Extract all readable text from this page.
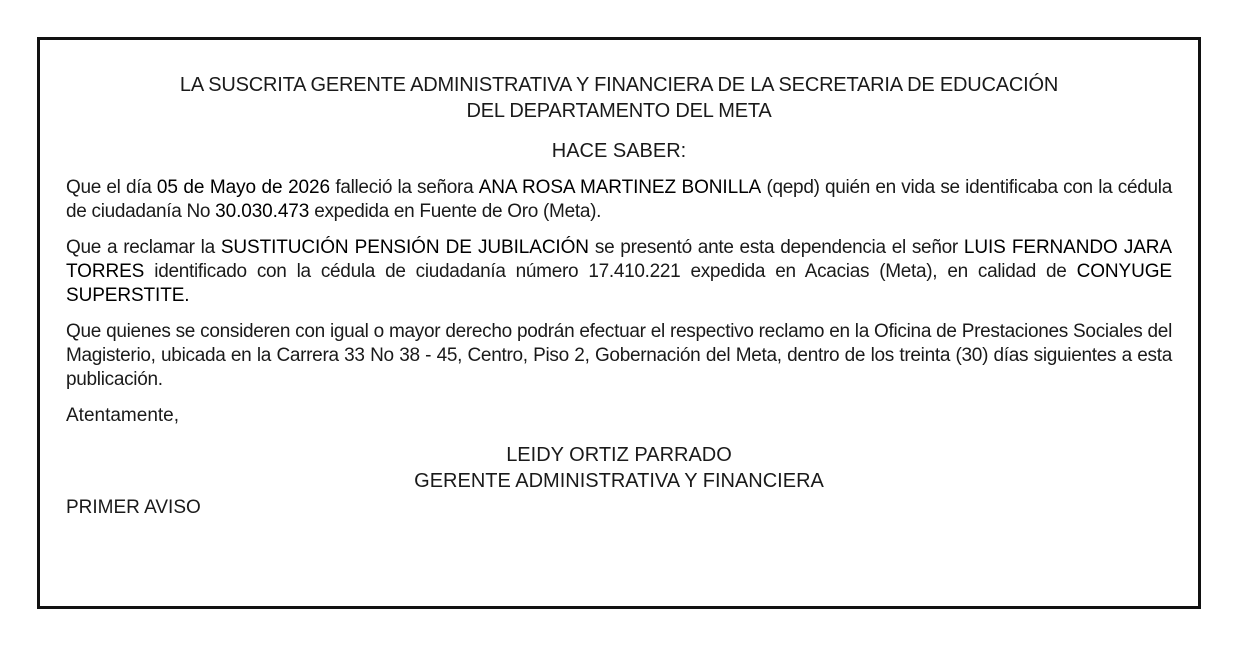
LA SUSCRITA GERENTE ADMINISTRATIVA Y FINANCIERA DE LA SECRETARIA DE EDUCACIÓN
DEL DEPARTAMENTO DEL META
HACE SABER:

Que el día 05 de Mayo de 2026 falleció la señora ANA ROSA MARTINEZ BONILLA (qepd) quién en vida se identificaba con la cédula de ciudadanía No 30.030.473 expedida en Fuente de Oro (Meta).

Que a reclamar la SUSTITUCIÓN PENSIÓN DE JUBILACIÓN se presentó ante esta dependencia el señor LUIS FERNANDO JARA TORRES identificado con la cédula de ciudadanía número 17.410.221 expedida en Acacias (Meta), en calidad de CONYUGE SUPERSTITE.

Que quienes se consideren con igual o mayor derecho podrán efectuar el respectivo reclamo en la Oficina de Prestaciones Sociales del Magisterio, ubicada en la Carrera 33 No 38 - 45, Centro, Piso 2, Gobernación del Meta, dentro de los treinta (30) días siguientes a esta publicación.

Atentamente,

LEIDY ORTIZ PARRADO
GERENTE ADMINISTRATIVA Y FINANCIERA
PRIMER AVISO
